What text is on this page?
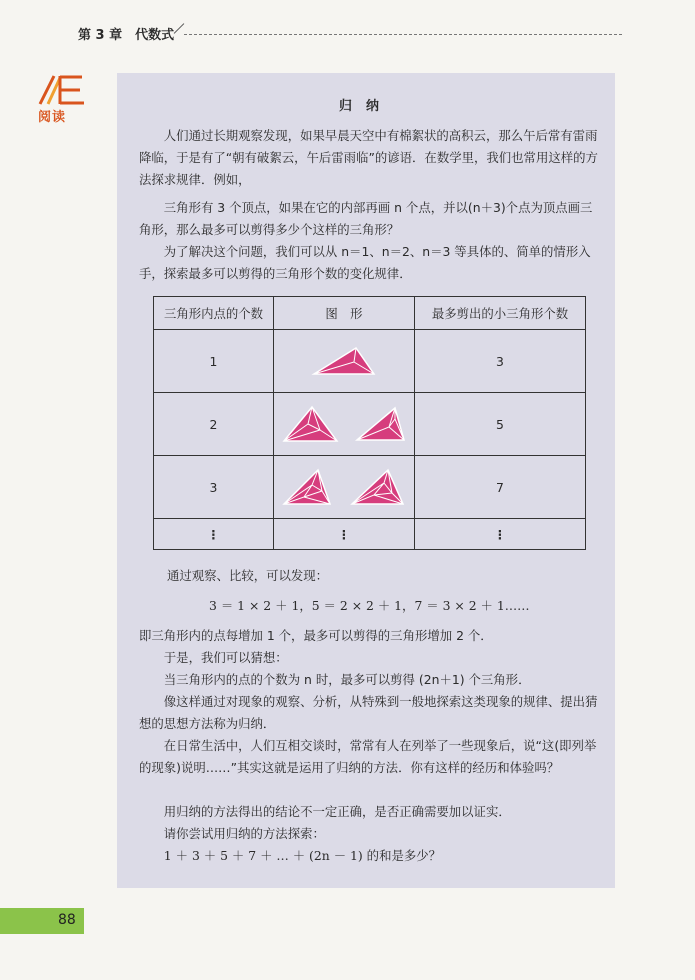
第 3 章　代数式
阅读
归纳
人们通过长期观察发现，如果早晨天空中有棉絮状的高积云，那么午后常有雷雨降临，于是有了“朝有破絮云，午后雷雨临”的谚语．在数学里，我们也常用这样的方法探求规律．例如，
三角形有 3 个顶点，如果在它的内部再画 n 个点，并以(n＋3)个点为顶点画三角形，那么最多可以剪得多少个这样的三角形？
为了解决这个问题，我们可以从 n＝1、n＝2、n＝3 等具体的、简单的情形入手，探索最多可以剪得的三角形个数的变化规律．
三角形内点的个数	图　形	最多剪出的小三角形个数
1		3
2		5
3		7
⋮	⋮	⋮
通过观察、比较，可以发现：
3 ＝ 1 × 2 ＋ 1，5 ＝ 2 × 2 ＋ 1，7 ＝ 3 × 2 ＋ 1……
即三角形内的点每增加 1 个，最多可以剪得的三角形增加 2 个．
于是，我们可以猜想：
当三角形内的点的个数为 n 时，最多可以剪得 (2n＋1) 个三角形．
像这样通过对现象的观察、分析，从特殊到一般地探索这类现象的规律、提出猜想的思想方法称为归纳．
在日常生活中，人们互相交谈时，常常有人在列举了一些现象后，说“这(即列举的现象)说明……”其实这就是运用了归纳的方法．你有这样的经历和体验吗？
用归纳的方法得出的结论不一定正确，是否正确需要加以证实．
请你尝试用归纳的方法探索：
1 ＋ 3 ＋ 5 ＋ 7 ＋ … ＋ (2n － 1) 的和是多少？
88
